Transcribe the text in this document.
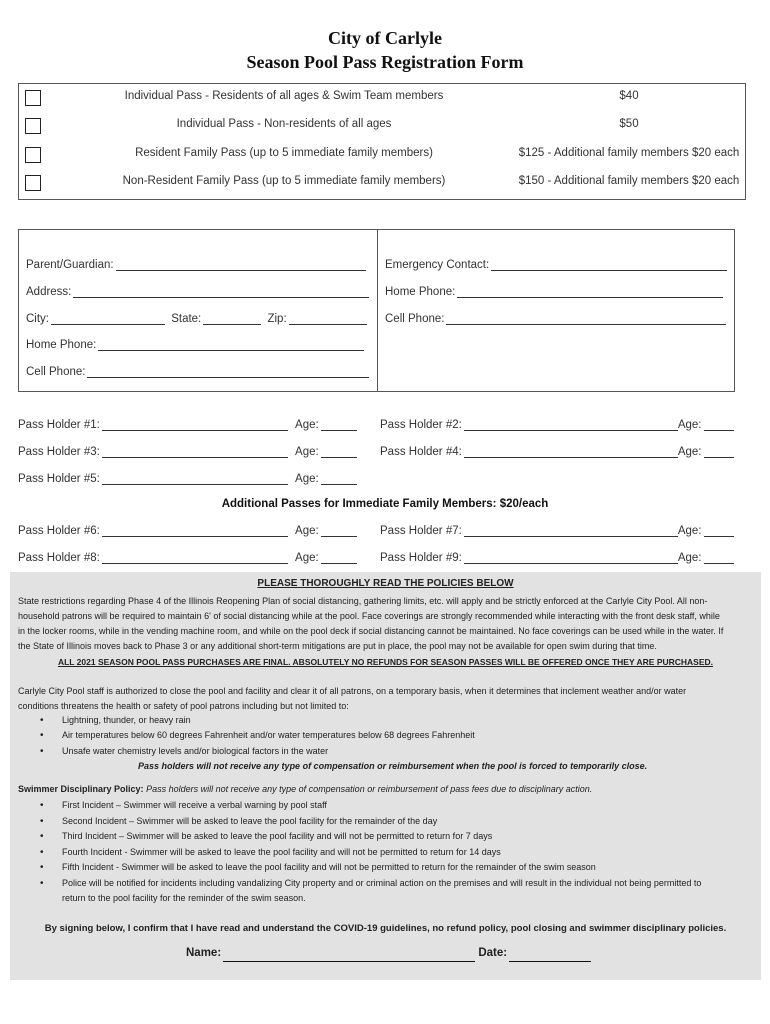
City of Carlyle
Season Pool Pass Registration Form
Individual Pass - Residents of all ages & Swim Team members	$40
Individual Pass - Non-residents of all ages	$50
Resident Family Pass (up to 5 immediate family members)	$125 - Additional family members $20 each
Non-Resident Family Pass (up to 5 immediate family members)	$150 - Additional family members $20 each
Parent/Guardian:
Address:
City:	State:	Zip:
Home Phone:
Cell Phone:
Emergency Contact:
Home Phone:
Cell Phone:
Pass Holder #1:	Age:	Pass Holder #2:	Age:
Pass Holder #3:	Age:	Pass Holder #4:	Age:
Pass Holder #5:	Age:
Additional Passes for Immediate Family Members: $20/each
Pass Holder #6:	Age:	Pass Holder #7:	Age:
Pass Holder #8:	Age:	Pass Holder #9:	Age:
PLEASE THOROUGHLY READ THE POLICIES BELOW
State restrictions regarding Phase 4 of the Illinois Reopening Plan of social distancing, gathering limits, etc. will apply and be strictly enforced at the Carlyle City Pool. All non-
household patrons will be required to maintain 6' of social distancing while at the pool. Face coverings are strongly recommended while interacting with the front desk staff, while
in the locker rooms, while in the vending machine room, and while on the pool deck if social distancing cannot be maintained. No face coverings can be used while in the water. If
the State of Illinois moves back to Phase 3 or any additional short-term mitigations are put in place, the pool may not be available for open swim during that time.
ALL 2021 SEASON POOL PASS PURCHASES ARE FINAL. ABSOLUTELY NO REFUNDS FOR SEASON PASSES WILL BE OFFERED ONCE THEY ARE PURCHASED.
Carlyle City Pool staff is authorized to close the pool and facility and clear it of all patrons, on a temporary basis, when it determines that inclement weather and/or water
conditions threatens the health or safety of pool patrons including but not limited to:
• Lightning, thunder, or heavy rain
• Air temperatures below 60 degrees Fahrenheit and/or water temperatures below 68 degrees Fahrenheit
• Unsafe water chemistry levels and/or biological factors in the water
Pass holders will not receive any type of compensation or reimbursement when the pool is forced to temporarily close.
Swimmer Disciplinary Policy: Pass holders will not receive any type of compensation or reimbursement of pass fees due to disciplinary action.
• First Incident – Swimmer will receive a verbal warning by pool staff
• Second Incident – Swimmer will be asked to leave the pool facility for the remainder of the day
• Third Incident – Swimmer will be asked to leave the pool facility and will not be permitted to return for 7 days
• Fourth Incident - Swimmer will be asked to leave the pool facility and will not be permitted to return for 14 days
• Fifth Incident - Swimmer will be asked to leave the pool facility and will not be permitted to return for the remainder of the swim season
• Police will be notified for incidents including vandalizing City property and or criminal action on the premises and will result in the individual not being permitted to
return to the pool facility for the reminder of the swim season.
By signing below, I confirm that I have read and understand the COVID-19 guidelines, no refund policy, pool closing and swimmer disciplinary policies.
Name:	Date:
